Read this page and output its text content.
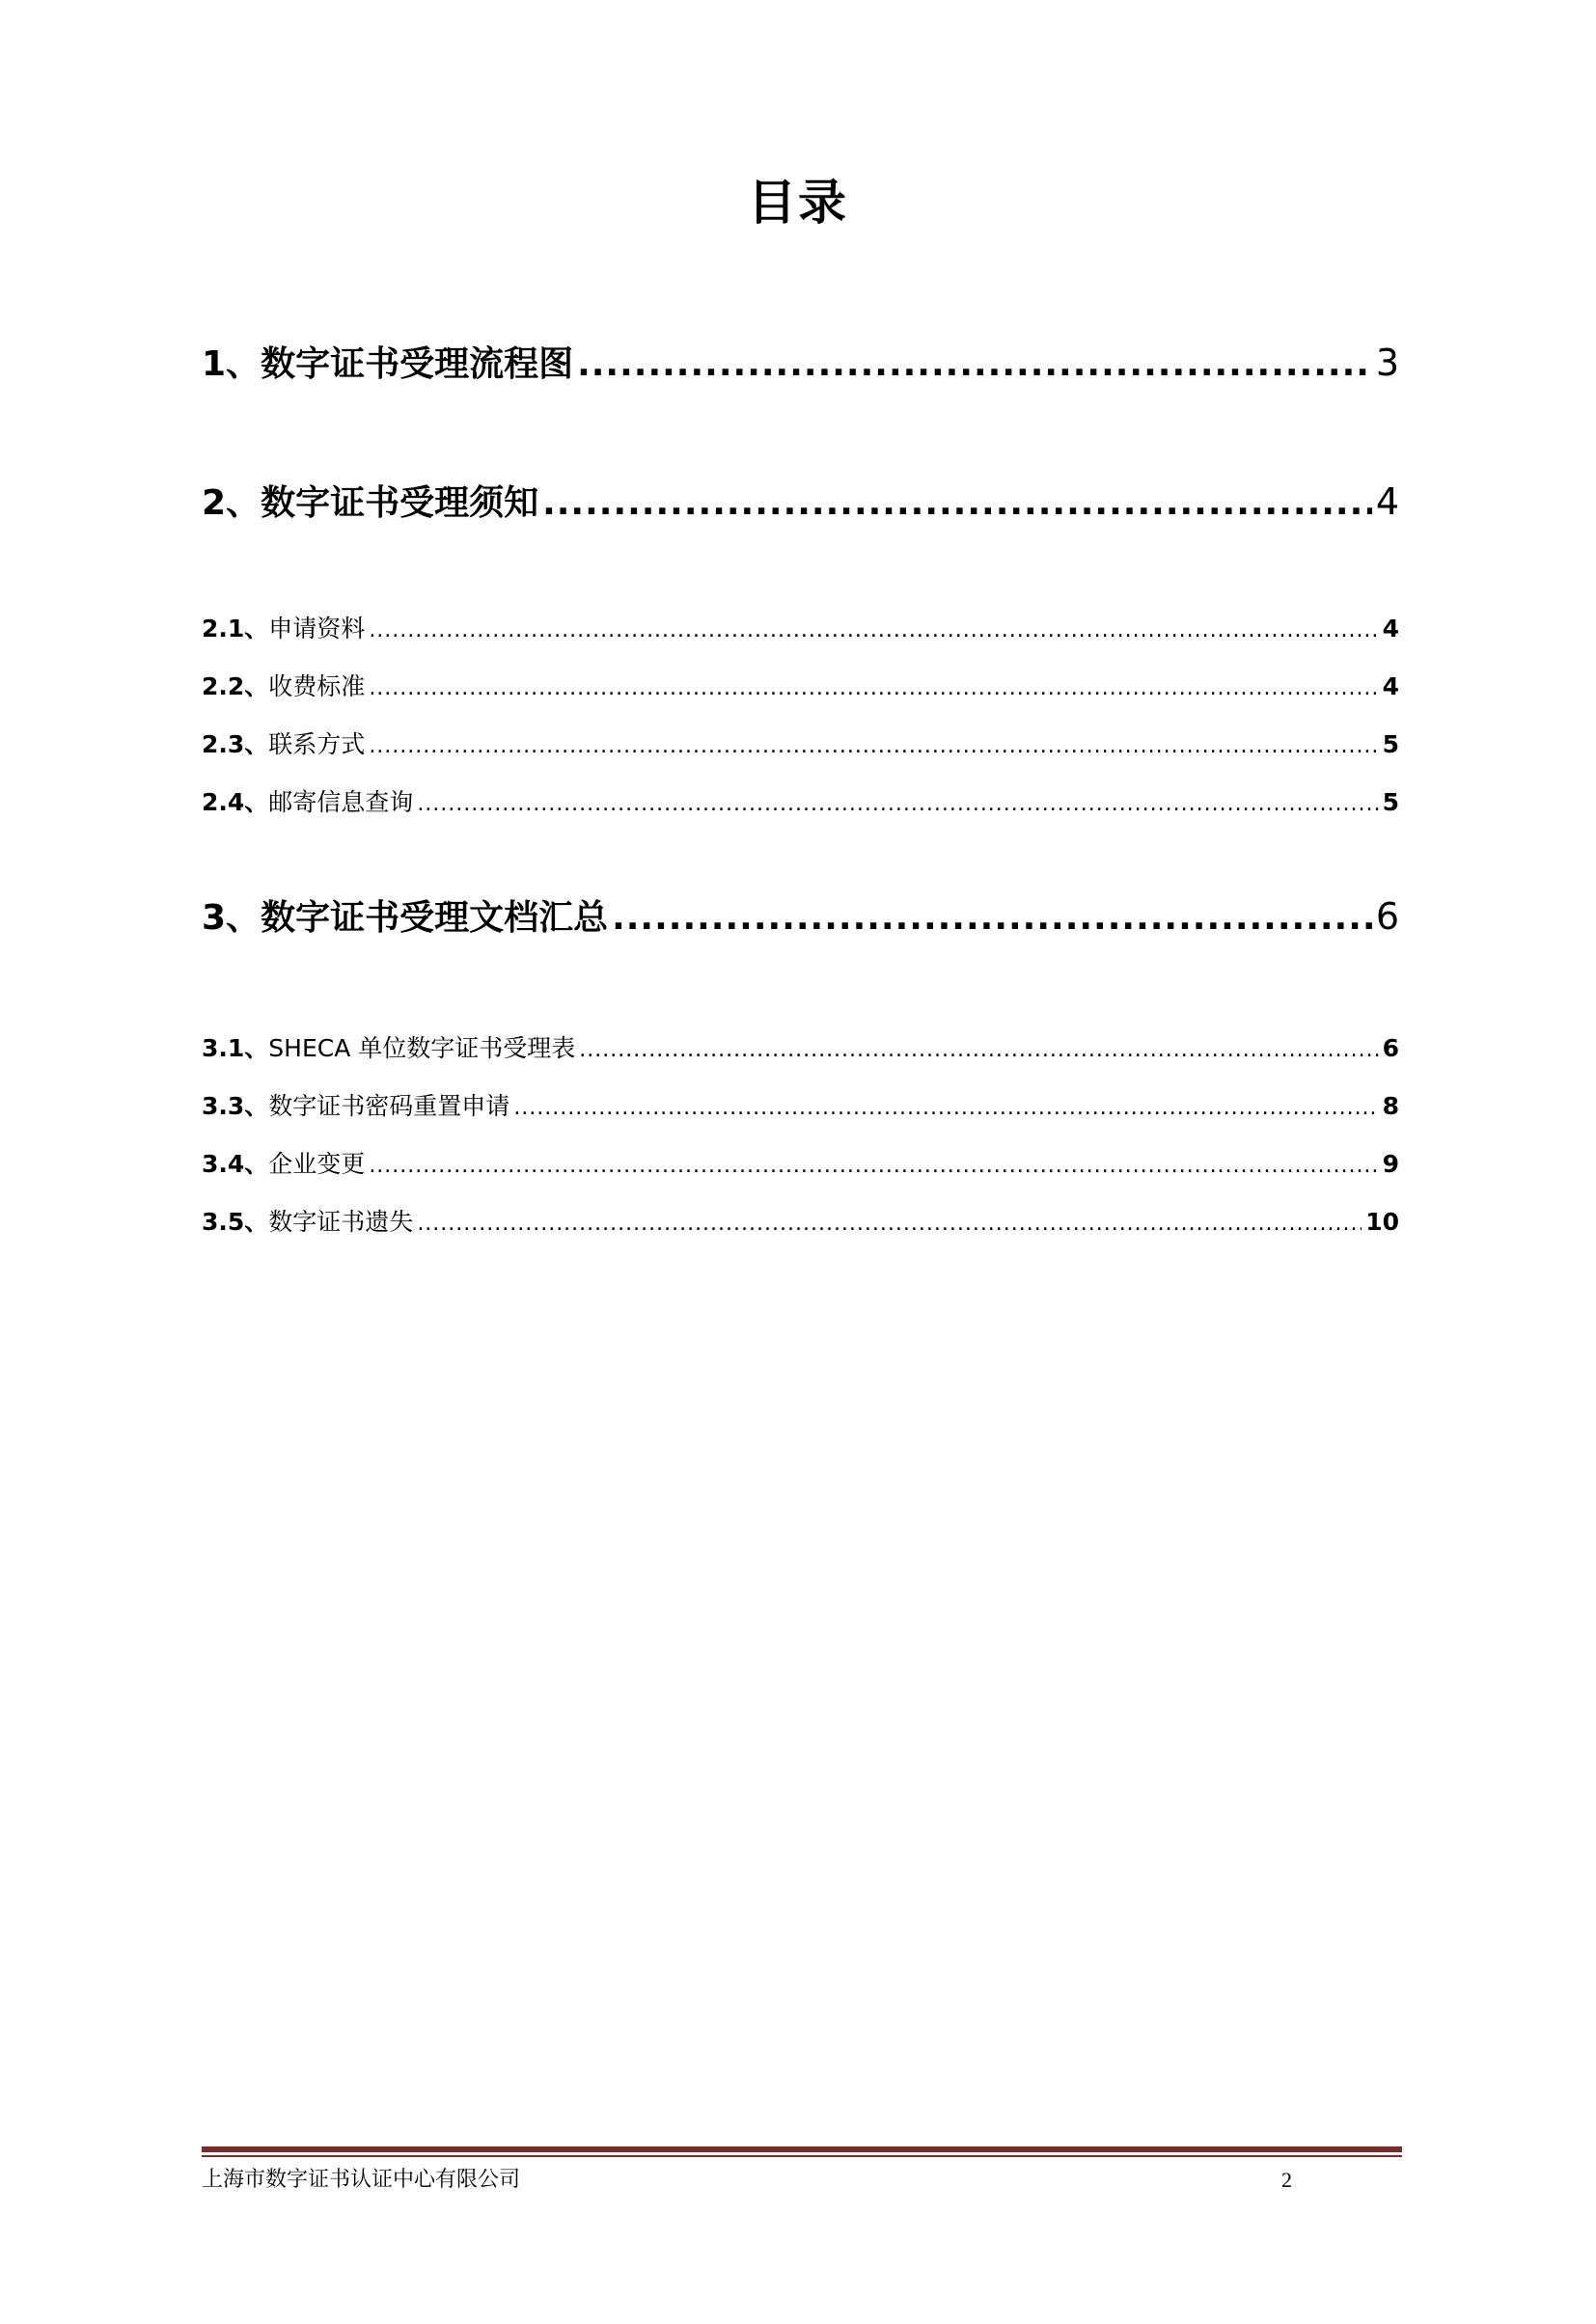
目录
1、数字证书受理流程图 .....	3
2、数字证书受理须知 .....	4
2.1、申请资料 .....	4
2.2、收费标准 .....	4
2.3、联系方式 .....	5
2.4、邮寄信息查询 .....	5
3、数字证书受理文档汇总 .....	6
3.1、SHECA 单位数字证书受理表 .....	6
3.3、数字证书密码重置申请 .....	8
3.4、企业变更 .....	9
3.5、数字证书遗失 .....	10
上海市数字证书认证中心有限公司	2
